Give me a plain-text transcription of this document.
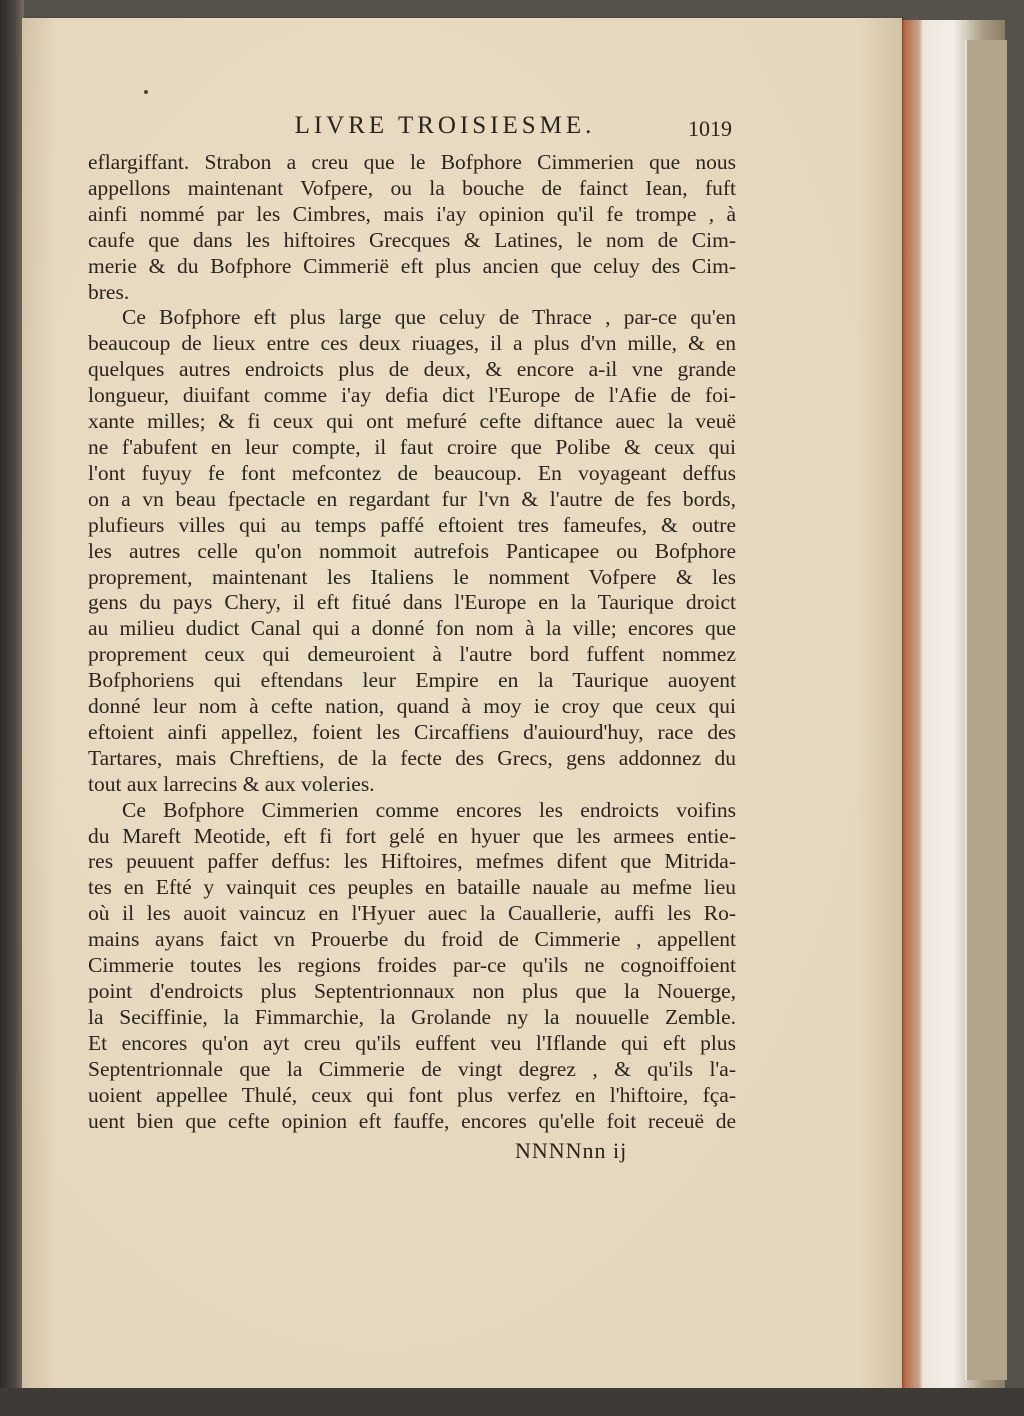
LIVRE TROISIESME.	1019
eflargiffant. Strabon a creu que le Bofphore Cimmerien que nous
appellons maintenant Vofpere, ou la bouche de fainct Iean, fuft
ainfi nommé par les Cimbres, mais i'ay opinion qu'il fe trompe , à
caufe que dans les hiftoires Grecques & Latines, le nom de Cim-
merie & du Bofphore Cimmerië eft plus ancien que celuy des Cim-
bres.
Ce Bofphore eft plus large que celuy de Thrace , par-ce qu'en
beaucoup de lieux entre ces deux riuages, il a plus d'vn mille, & en
quelques autres endroicts plus de deux, & encore a-il vne grande
longueur, diuifant comme i'ay defia dict l'Europe de l'Afie de foi-
xante milles; & fi ceux qui ont mefuré cefte diftance auec la veuë
ne f'abufent en leur compte, il faut croire que Polibe & ceux qui
l'ont fuyuy fe font mefcontez de beaucoup. En voyageant deffus
on a vn beau fpectacle en regardant fur l'vn & l'autre de fes bords,
plufieurs villes qui au temps paffé eftoient tres fameufes, & outre
les autres celle qu'on nommoit autrefois Panticapee ou Bofphore
proprement, maintenant les Italiens le nomment Vofpere & les
gens du pays Chery, il eft fitué dans l'Europe en la Taurique droict
au milieu dudict Canal qui a donné fon nom à la ville; encores que
proprement ceux qui demeuroient à l'autre bord fuffent nommez
Bofphoriens qui eftendans leur Empire en la Taurique auoyent
donné leur nom à cefte nation, quand à moy ie croy que ceux qui
eftoient ainfi appellez, foient les Circaffiens d'auiourd'huy, race des
Tartares, mais Chreftiens, de la fecte des Grecs, gens addonnez du
tout aux larrecins & aux voleries.
Ce Bofphore Cimmerien comme encores les endroicts voifins
du Mareft Meotide, eft fi fort gelé en hyuer que les armees entie-
res peuuent paffer deffus: les Hiftoires, mefmes difent que Mitrida-
tes en Efté y vainquit ces peuples en bataille nauale au mefme lieu
où il les auoit vaincuz en l'Hyuer auec la Cauallerie, auffi les Ro-
mains ayans faict vn Prouerbe du froid de Cimmerie , appellent
Cimmerie toutes les regions froides par-ce qu'ils ne cognoiffoient
point d'endroicts plus Septentrionnaux non plus que la Nouerge,
la Seciffinie, la Fimmarchie, la Grolande ny la nouuelle Zemble.
Et encores qu'on ayt creu qu'ils euffent veu l'Iflande qui eft plus
Septentrionnale que la Cimmerie de vingt degrez , & qu'ils l'a-
uoient appellee Thulé, ceux qui font plus verfez en l'hiftoire, fça-
uent bien que cefte opinion eft fauffe, encores qu'elle foit receuë de
NNNNnn ij
